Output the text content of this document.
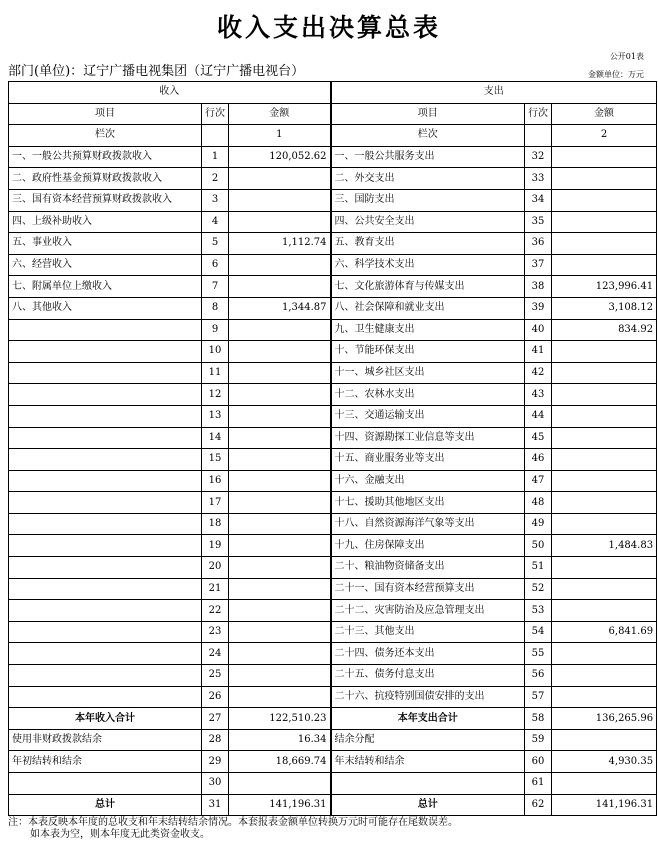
收入支出决算总表
公开01表
部门(单位)：辽宁广播电视集团（辽宁广播电视台）	金额单位：万元
收入			支出		
项目	行次	金额	项目	行次	金额
栏次		1	栏次		2
一、一般公共预算财政拨款收入	1	120,052.62	一、一般公共服务支出	32	
二、政府性基金预算财政拨款收入	2		二、外交支出	33	
三、国有资本经营预算财政拨款收入	3		三、国防支出	34	
四、上级补助收入	4		四、公共安全支出	35	
五、事业收入	5	1,112.74	五、教育支出	36	
六、经营收入	6		六、科学技术支出	37	
七、附属单位上缴收入	7		七、文化旅游体育与传媒支出	38	123,996.41
八、其他收入	8	1,344.87	八、社会保障和就业支出	39	3,108.12
	9		九、卫生健康支出	40	834.92
	10		十、节能环保支出	41	
	11		十一、城乡社区支出	42	
	12		十二、农林水支出	43	
	13		十三、交通运输支出	44	
	14		十四、资源勘探工业信息等支出	45	
	15		十五、商业服务业等支出	46	
	16		十六、金融支出	47	
	17		十七、援助其他地区支出	48	
	18		十八、自然资源海洋气象等支出	49	
	19		十九、住房保障支出	50	1,484.83
	20		二十、粮油物资储备支出	51	
	21		二十一、国有资本经营预算支出	52	
	22		二十二、灾害防治及应急管理支出	53	
	23		二十三、其他支出	54	6,841.69
	24		二十四、债务还本支出	55	
	25		二十五、债务付息支出	56	
	26		二十六、抗疫特别国债安排的支出	57	
本年收入合计	27	122,510.23	本年支出合计	58	136,265.96
使用非财政拨款结余	28	16.34	结余分配	59	
年初结转和结余	29	18,669.74	年末结转和结余	60	4,930.35
	30			61	
总计	31	141,196.31	总计	62	141,196.31
注：本表反映本年度的总收支和年末结转结余情况。本套报表金额单位转换万元时可能存在尾数误差。
如本表为空，则本年度无此类资金收支。
